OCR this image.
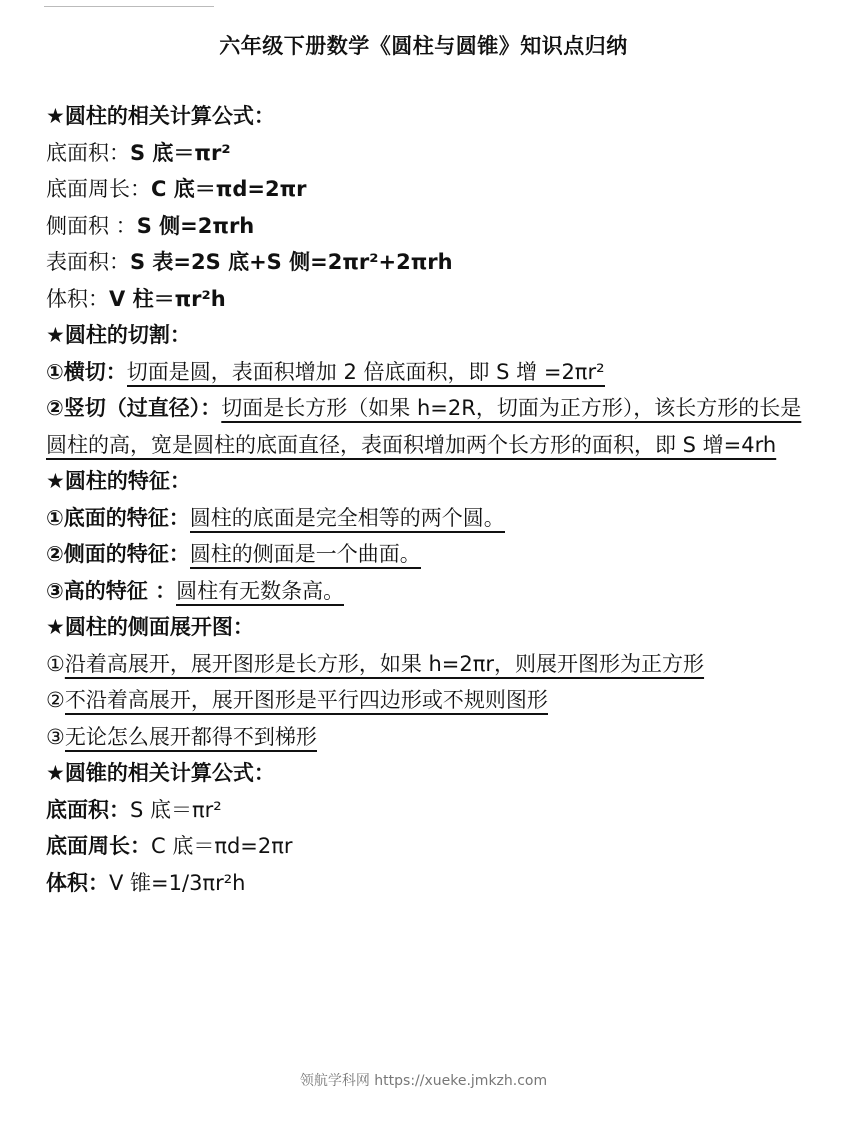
六年级下册数学《圆柱与圆锥》知识点归纳
★圆柱的相关计算公式：
底面积：S 底＝πr²
底面周长：C 底＝πd=2πr
侧面积 ：S 侧=2πrh
表面积：S 表=2S 底+S 侧=2πr²+2πrh
体积：V 柱＝πr²h
★圆柱的切割：
①横切：切面是圆，表面积增加 2 倍底面积，即 S 增 =2πr²
②竖切（过直径）：切面是长方形（如果 h=2R，切面为正方形），该长方形的长是圆柱的高，宽是圆柱的底面直径，表面积增加两个长方形的面积，即 S 增=4rh
★圆柱的特征：
①底面的特征：圆柱的底面是完全相等的两个圆。
②侧面的特征：圆柱的侧面是一个曲面。
③高的特征 ：圆柱有无数条高。
★圆柱的侧面展开图：
①沿着高展开，展开图形是长方形，如果 h=2πr，则展开图形为正方形
②不沿着高展开，展开图形是平行四边形或不规则图形
③无论怎么展开都得不到梯形
★圆锥的相关计算公式：
底面积：S 底＝πr²
底面周长：C 底＝πd=2πr
体积：V 锥=1/3πr²h
领航学科网 https://xueke.jmkzh.com
